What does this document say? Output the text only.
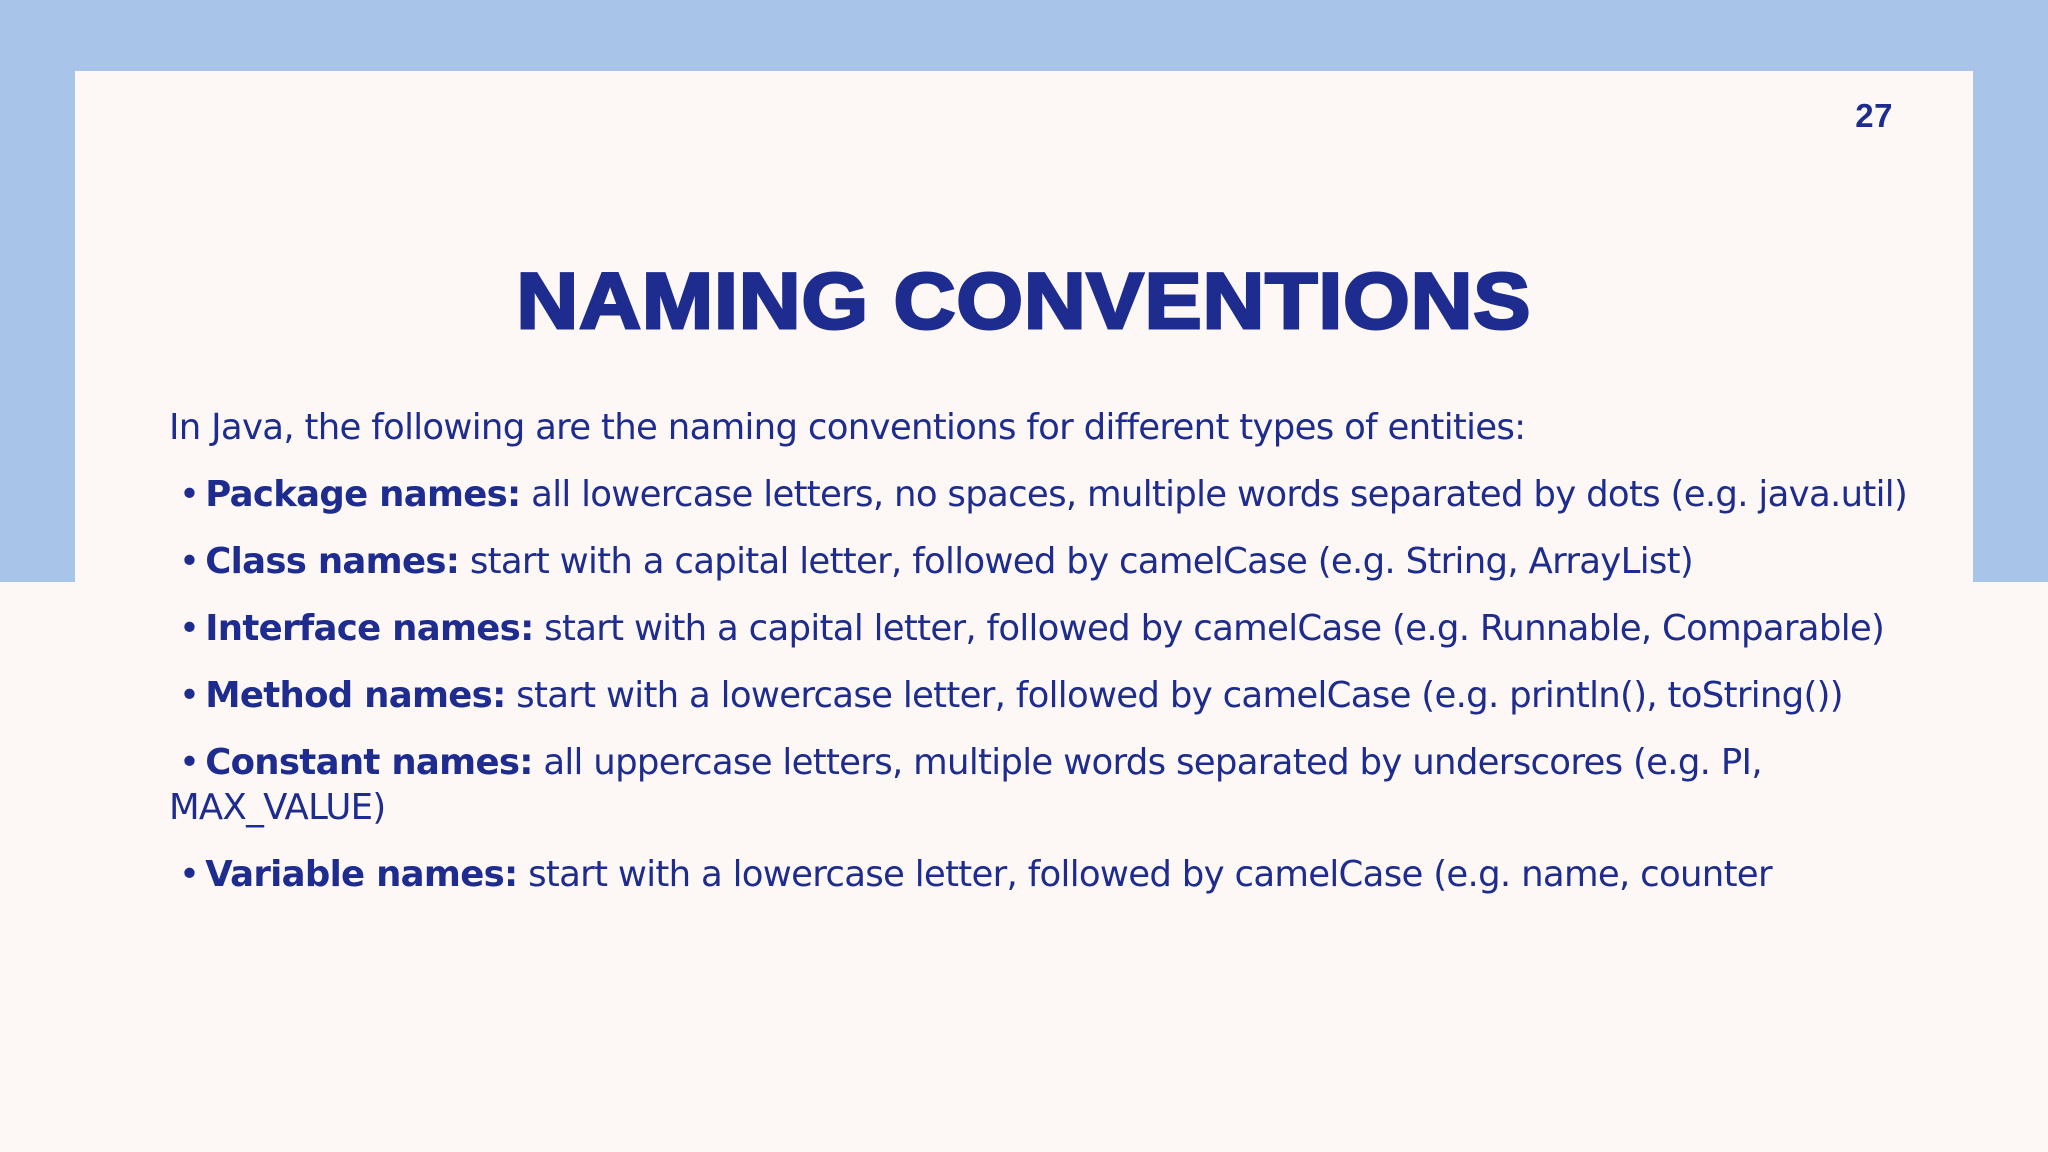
27
NAMING CONVENTIONS
In Java, the following are the naming conventions for different types of entities:
• Package names: all lowercase letters, no spaces, multiple words separated by dots (e.g. java.util)
• Class names: start with a capital letter, followed by camelCase (e.g. String, ArrayList)
• Interface names: start with a capital letter, followed by camelCase (e.g. Runnable, Comparable)
• Method names: start with a lowercase letter, followed by camelCase (e.g. println(), toString())
• Constant names: all uppercase letters, multiple words separated by underscores (e.g. PI, MAX_VALUE)
• Variable names: start with a lowercase letter, followed by camelCase (e.g. name, counter
